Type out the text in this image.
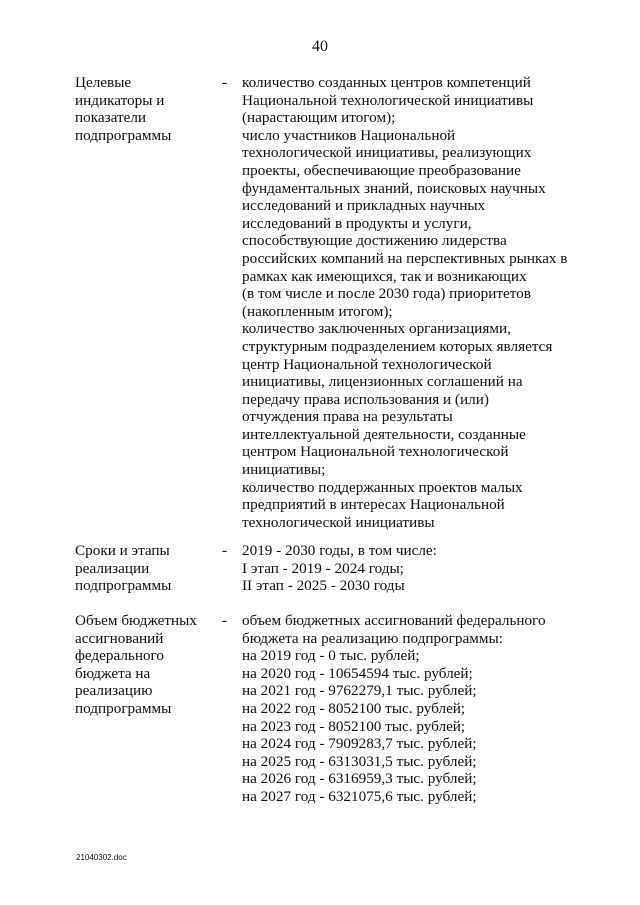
40
Целевые
индикаторы и
показатели
подпрограммы
- количество созданных центров компетенций
Национальной технологической инициативы
(нарастающим итогом);
число участников Национальной
технологической инициативы, реализующих
проекты, обеспечивающие преобразование
фундаментальных знаний, поисковых научных
исследований и прикладных научных
исследований в продукты и услуги,
способствующие достижению лидерства
российских компаний на перспективных рынках в
рамках как имеющихся, так и возникающих
(в том числе и после 2030 года) приоритетов
(накопленным итогом);
количество заключенных организациями,
структурным подразделением которых является
центр Национальной технологической
инициативы, лицензионных соглашений на
передачу права использования и (или)
отчуждения права на результаты
интеллектуальной деятельности, созданные
центром Национальной технологической
инициативы;
количество поддержанных проектов малых
предприятий в интересах Национальной
технологической инициативы
Сроки и этапы
реализации
подпрограммы
- 2019 - 2030 годы, в том числе:
I этап - 2019 - 2024 годы;
II этап - 2025 - 2030 годы
Объем бюджетных
ассигнований
федерального
бюджета на
реализацию
подпрограммы
- объем бюджетных ассигнований федерального
бюджета на реализацию подпрограммы:
на 2019 год - 0 тыс. рублей;
на 2020 год - 10654594 тыс. рублей;
на 2021 год - 9762279,1 тыс. рублей;
на 2022 год - 8052100 тыс. рублей;
на 2023 год - 8052100 тыс. рублей;
на 2024 год - 7909283,7 тыс. рублей;
на 2025 год - 6313031,5 тыс. рублей;
на 2026 год - 6316959,3 тыс. рублей;
на 2027 год - 6321075,6 тыс. рублей;
21040302.doc
